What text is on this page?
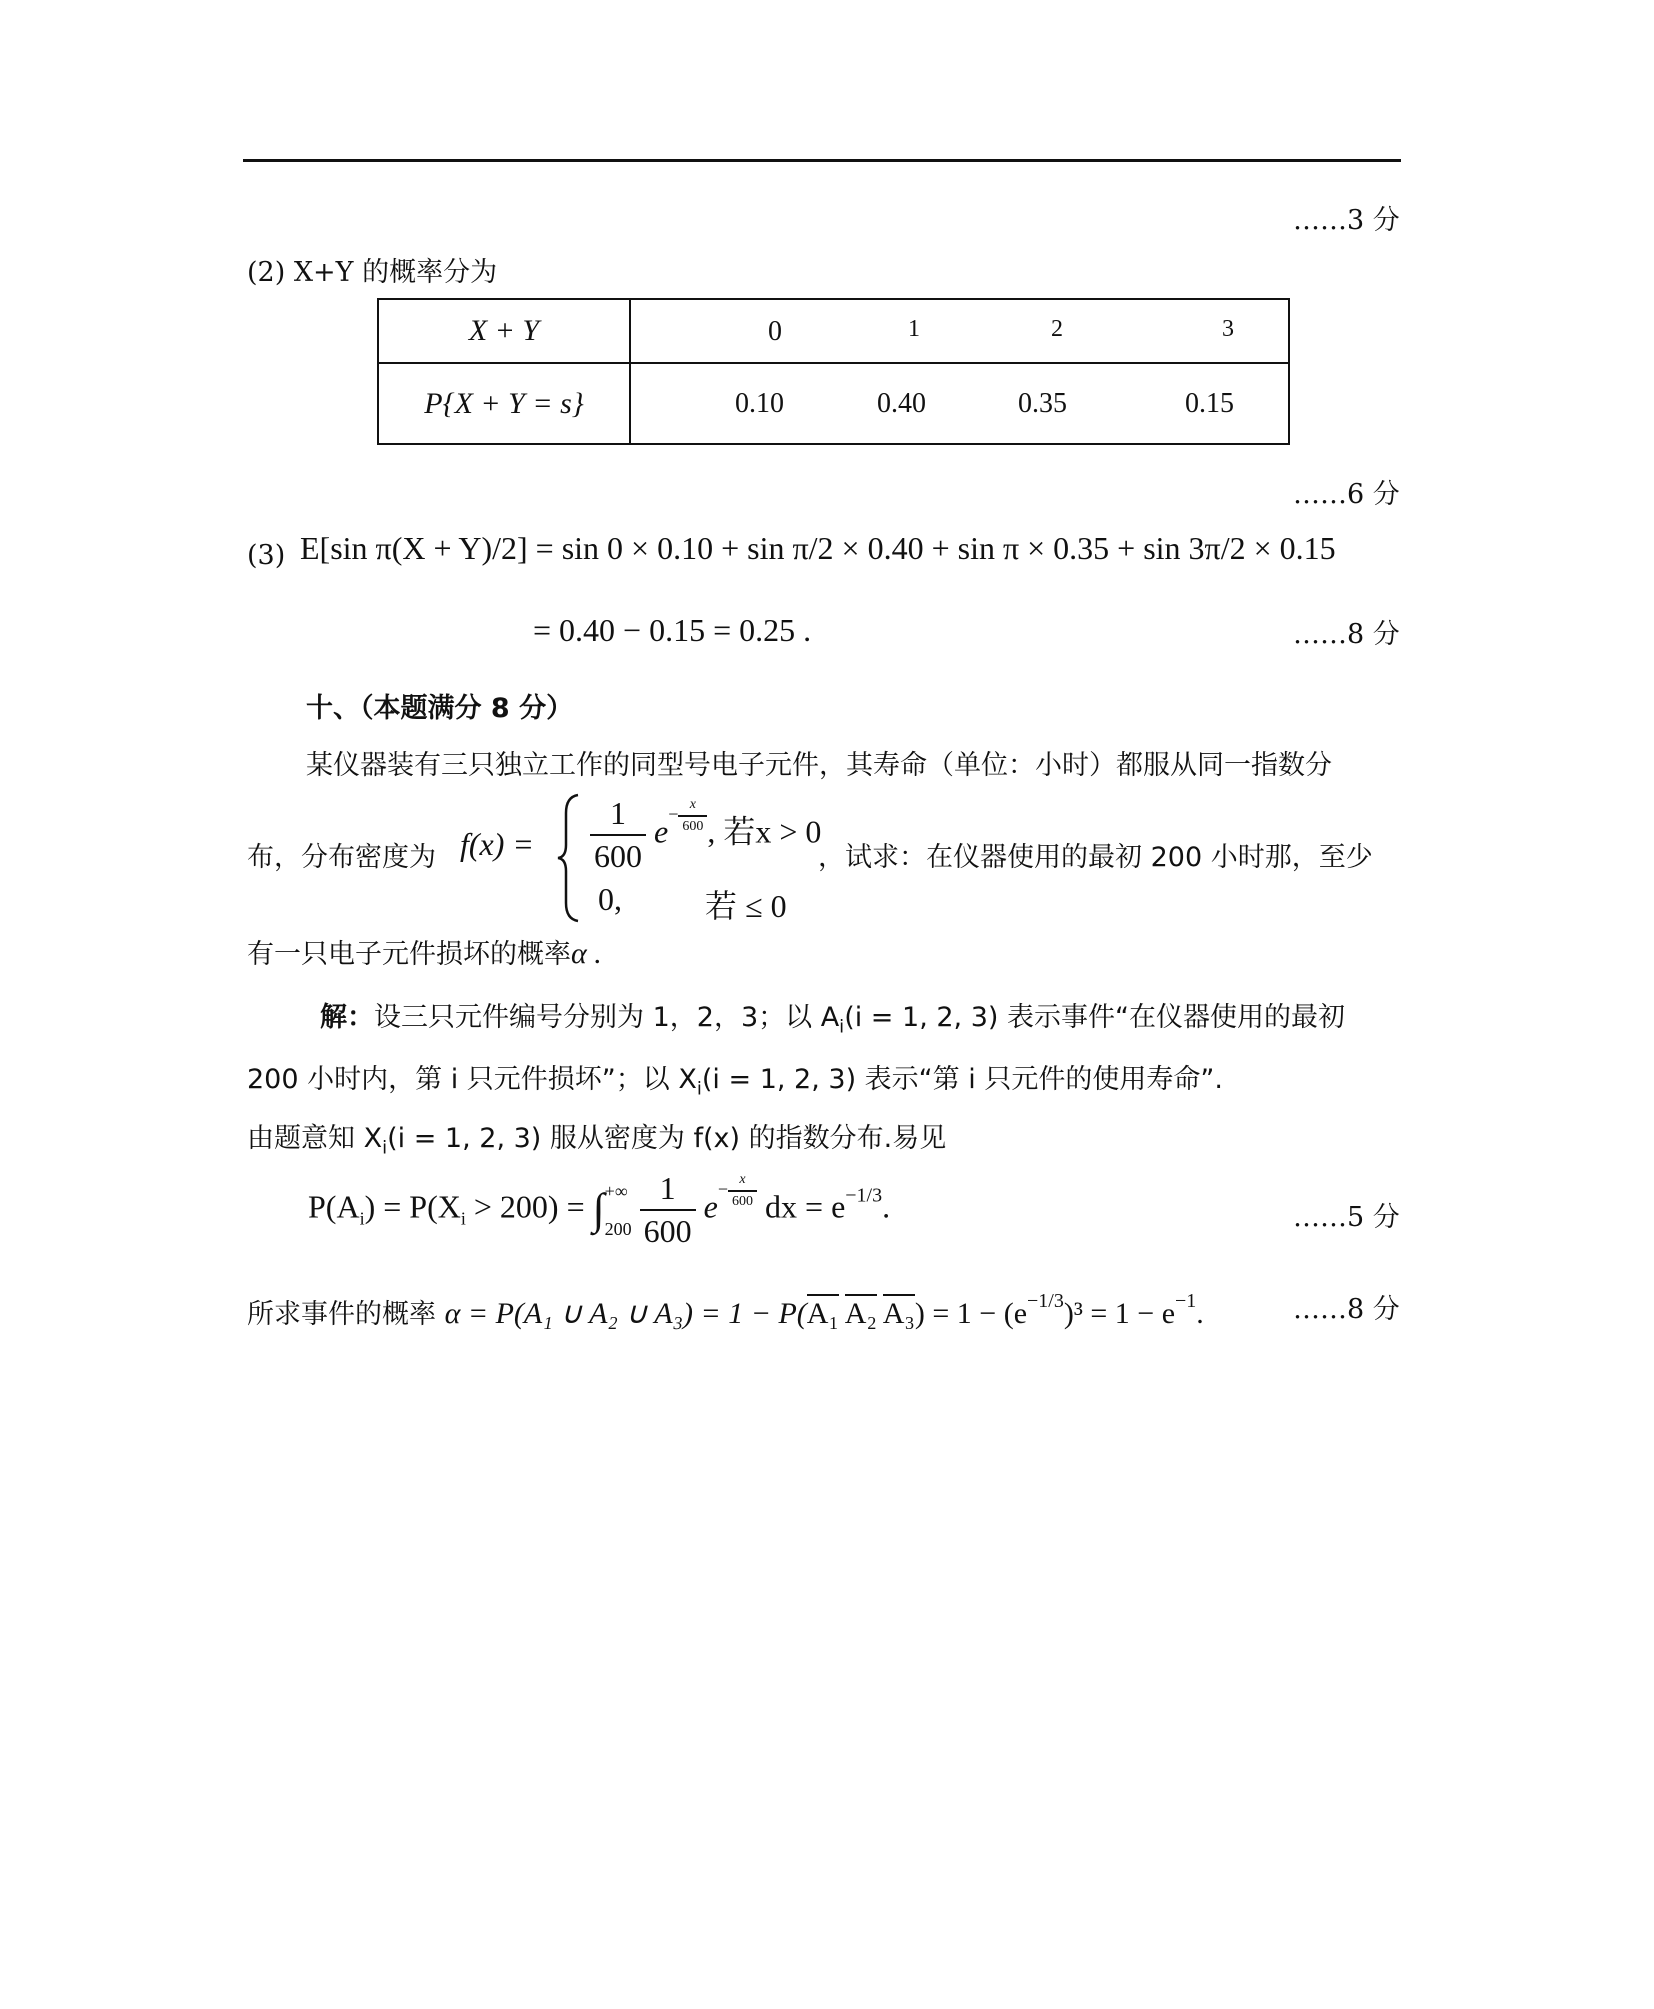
……3 分
……6 分
……8 分
……5 分
……8 分
(2) X+Y 的概率分为
X + Y	0 1 2 3

P{X + Y = s}	0.10 0.40 0.35 0.15
(3) E[sin π(X + Y)/2] = sin 0 × 0.10 + sin π/2 × 0.40 + sin π × 0.35 + sin 3π/2 × 0.15
= 0.40 − 0.15 = 0.25 .
十、（本题满分 8 分）
某仪器装有三只独立工作的同型号电子元件，其寿命（单位：小时）都服从同一指数分
布，分布密度为 $f(x) = \frac{1}{600} e^{- \frac{x}{600}}$ , 若x > 0
0,	若 ≤ 0
，试求：在仪器使用的最初 200 小时那，至少
有一只电子元件损坏的概率α .
解：设三只元件编号分别为 1，2，3；以 $A_i(i = 1$, 2, 3) 表示事件“在仪器使用的最初
200 小时内，第 i 只元件损坏”；以 $X_i(i = 1$, 2, 3) 表示“第 i 只元件的使用寿命”.
由题意知 $X_i(i = 1$, 2, 3) 服从密度为 f(x) 的指数分布.易见
$P(A_i) = P(X_i > 200)$ = ∫ +∞
200
$\frac{1}{600} e^{- \frac{x}{600}}$ dx = $e^{-1/3}$.
所求事件的概率 α = P(A₁ ∪ A₂ ∪ A₃) = 1 − P(A₁ A₂ $A_3) = 1 - (e^{-1/3})^3 = 1 - e^{-1}$.
